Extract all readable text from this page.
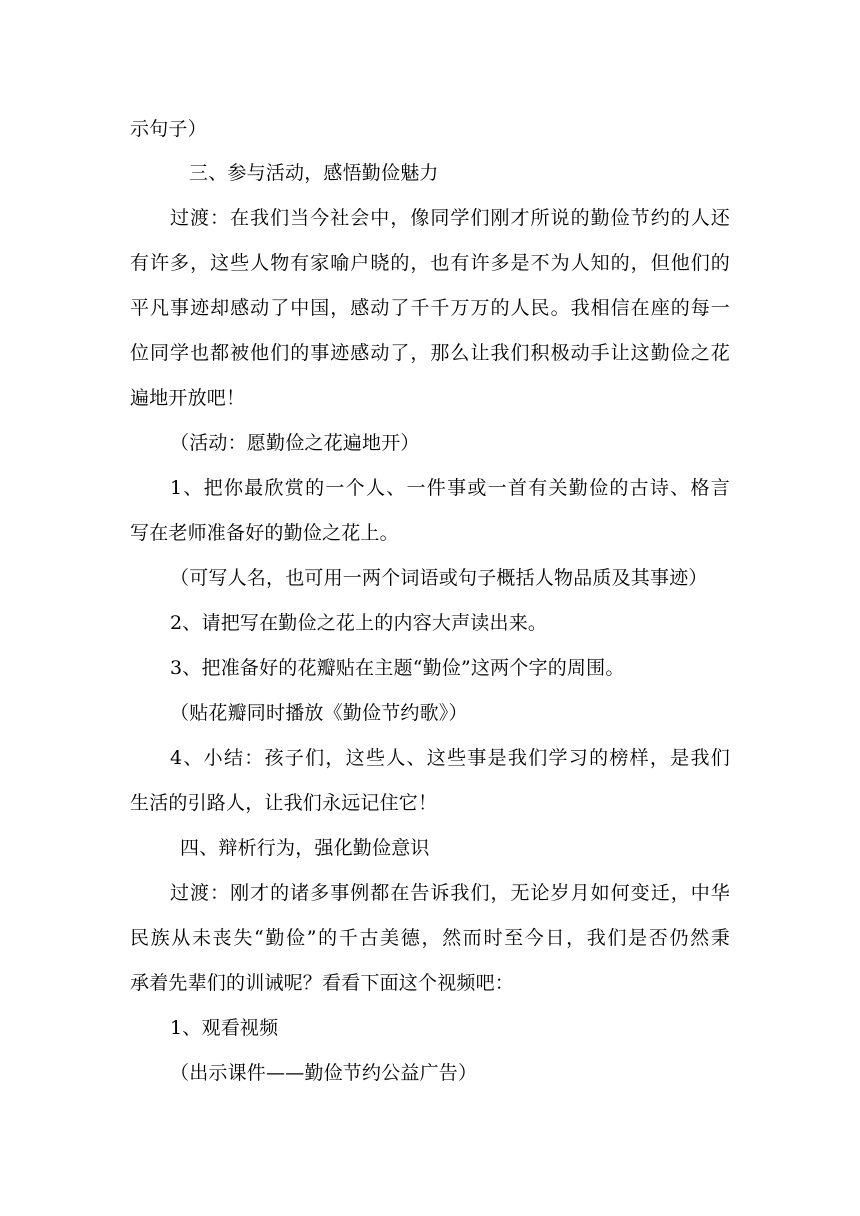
示句子）
三、参与活动，感悟勤俭魅力
过渡：在我们当今社会中，像同学们刚才所说的勤俭节约的人还
有许多，这些人物有家喻户晓的，也有许多是不为人知的，但他们的
平凡事迹却感动了中国，感动了千千万万的人民。我相信在座的每一
位同学也都被他们的事迹感动了，那么让我们积极动手让这勤俭之花
遍地开放吧！
（活动：愿勤俭之花遍地开）
1、把你最欣赏的一个人、一件事或一首有关勤俭的古诗、格言
写在老师准备好的勤俭之花上。
（可写人名，也可用一两个词语或句子概括人物品质及其事迹）
2、请把写在勤俭之花上的内容大声读出来。
3、把准备好的花瓣贴在主题“勤俭”这两个字的周围。
（贴花瓣同时播放《勤俭节约歌》）
4、小结：孩子们，这些人、这些事是我们学习的榜样，是我们
生活的引路人，让我们永远记住它！
四、辩析行为，强化勤俭意识
过渡：刚才的诸多事例都在告诉我们，无论岁月如何变迁，中华
民族从未丧失“勤俭”的千古美德，然而时至今日，我们是否仍然秉
承着先辈们的训诫呢？看看下面这个视频吧：
1、观看视频
（出示课件——勤俭节约公益广告）
